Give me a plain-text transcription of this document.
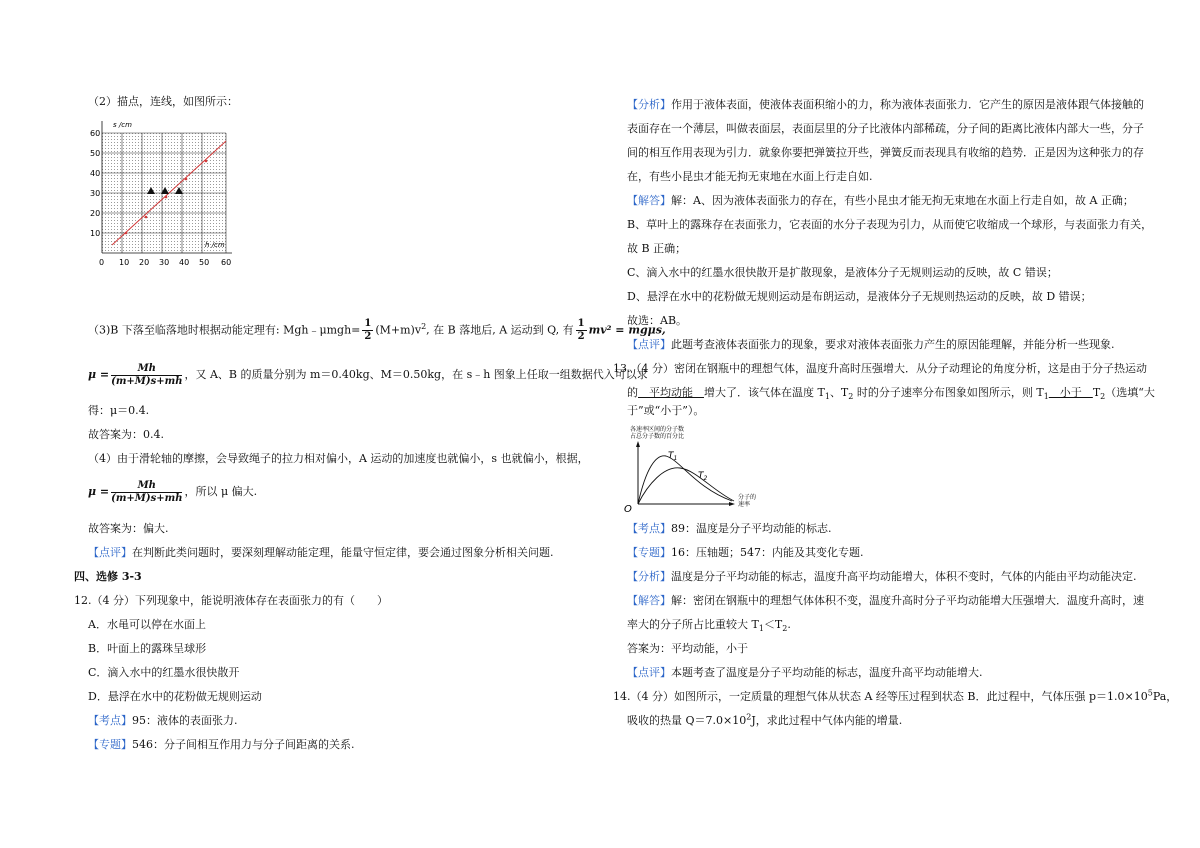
（2）描点，连线，如图所示：
s /cm
h /cm
60
50
40
30
20
10
0 10 20 30 40 50 60
（3)B 下落至临落地时根据动能定理有: Mgh﹣μmgh= $\frac{1}{2} (M+m)v^2$, 在 B 落地后, A 运动到 Q, 有 $\frac{1}{2} mv^2 = mg\mu s$,
$\mu = \frac{Mh}{(m+M)s+mh}$ ，又 A、B 的质量分别为 m＝0.40kg、M＝0.50kg，在 s﹣h 图象上任取一组数据代入可以求
得：μ＝0.4.
故答案为：0.4.
（4）由于滑轮轴的摩擦，会导致绳子的拉力相对偏小，A 运动的加速度也就偏小，s 也就偏小，根据，
$\mu = \frac{Mh}{(m+M)s+mh}$ ，所以 μ 偏大.
故答案为：偏大.
【点评】在判断此类问题时，要深刻理解动能定理，能量守恒定律，要会通过图象分析相关问题.
四、选修 3-3
12.（4 分）下列现象中，能说明液体存在表面张力的有（　　）
A．水黾可以停在水面上
B．叶面上的露珠呈球形
C．滴入水中的红墨水很快散开
D．悬浮在水中的花粉做无规则运动
【考点】95：液体的表面张力.
【专题】546：分子间相互作用力与分子间距离的关系.
【分析】作用于液体表面，使液体表面积缩小的力，称为液体表面张力．它产生的原因是液体跟气体接触的
表面存在一个薄层，叫做表面层，表面层里的分子比液体内部稀疏，分子间的距离比液体内部大一些，分子
间的相互作用表现为引力．就象你要把弹簧拉开些，弹簧反而表现具有收缩的趋势．正是因为这种张力的存
在，有些小昆虫才能无拘无束地在水面上行走自如.
【解答】解：A、因为液体表面张力的存在，有些小昆虫才能无拘无束地在水面上行走自如，故 A 正确；
B、草叶上的露珠存在表面张力，它表面的水分子表现为引力，从而使它收缩成一个球形，与表面张力有关，
故 B 正确；
C、滴入水中的红墨水很快散开是扩散现象，是液体分子无规则运动的反映，故 C 错误；
D、悬浮在水中的花粉做无规则运动是布朗运动，是液体分子无规则热运动的反映，故 D 错误；
故选：AB。
【点评】此题考查液体表面张力的现象，要求对液体表面张力产生的原因能理解，并能分析一些现象.
13.（4 分）密闭在钢瓶中的理想气体，温度升高时压强增大．从分子动理论的角度分析，这是由于分子热运动
的　平均动能　增大了．该气体在温度 $T_1$、$T_2$ 时的分子速率分布图象如图所示，则 $T_1$　小于　$T_2$（选填“大
于”或“小于”）。
各速率区间的分子数
占总分子数的百分比
$T_1$
$T_2$
O
分子的
速率
【考点】89：温度是分子平均动能的标志.
【专题】16：压轴题；547：内能及其变化专题.
【分析】温度是分子平均动能的标志，温度升高平均动能增大，体积不变时，气体的内能由平均动能决定.
【解答】解：密闭在钢瓶中的理想气体体积不变，温度升高时分子平均动能增大压强增大．温度升高时，速
率大的分子所占比重较大 $T_1<T_2$.
答案为：平均动能，小于
【点评】本题考查了温度是分子平均动能的标志，温度升高平均动能增大.
14.（4 分）如图所示，一定质量的理想气体从状态 A 经等压过程到状态 B．此过程中，气体压强 $p=1.0\times 10^5Pa$，
吸收的热量 $Q=7.0\times 10^2J$，求此过程中气体内能的增量.
